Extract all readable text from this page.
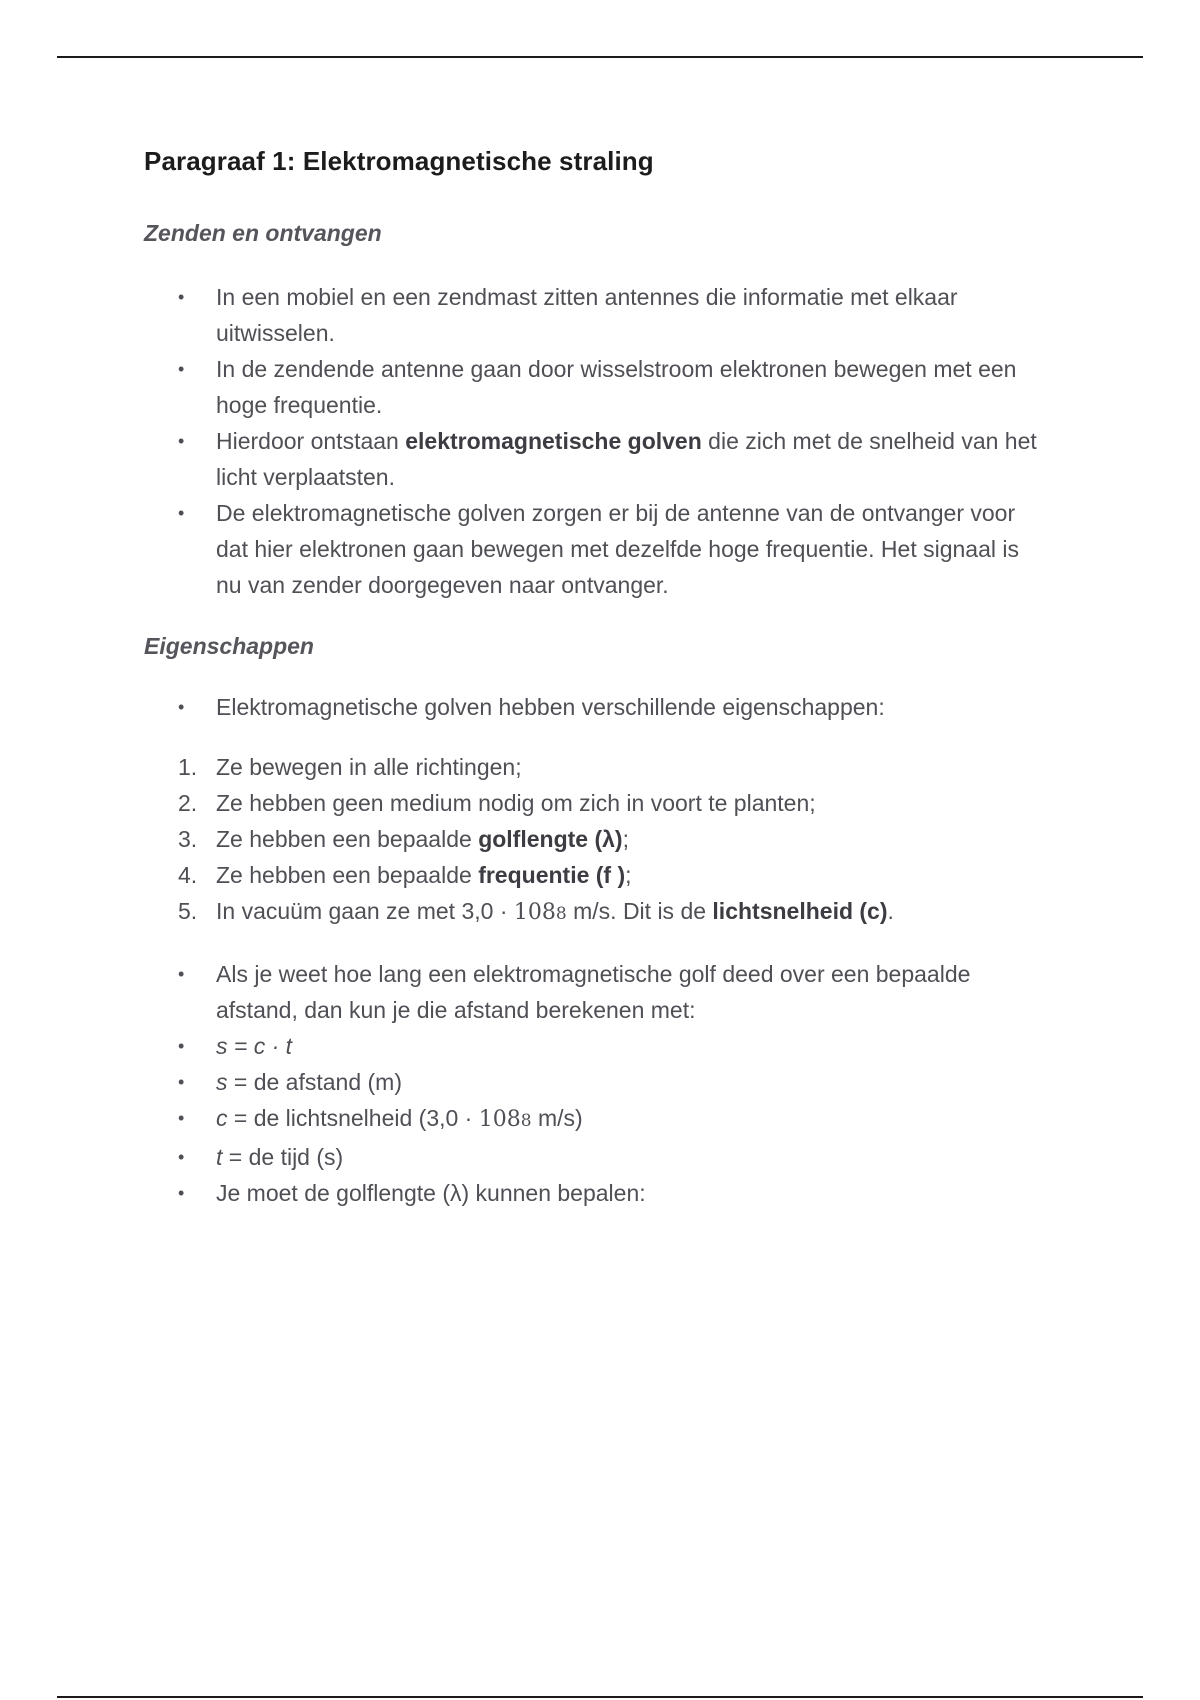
Paragraaf 1: Elektromagnetische straling
Zenden en ontvangen
• In een mobiel en een zendmast zitten antennes die informatie met elkaar uitwisselen.
• In de zendende antenne gaan door wisselstroom elektronen bewegen met een hoge frequentie.
• Hierdoor ontstaan elektromagnetische golven die zich met de snelheid van het licht verplaatsten.
• De elektromagnetische golven zorgen er bij de antenne van de ontvanger voor dat hier elektronen gaan bewegen met dezelfde hoge frequentie. Het signaal is nu van zender doorgegeven naar ontvanger.
Eigenschappen
• Elektromagnetische golven hebben verschillende eigenschappen:
1. Ze bewegen in alle richtingen;
2. Ze hebben geen medium nodig om zich in voort te planten;
3. Ze hebben een bepaalde golflengte (λ);
4. Ze hebben een bepaalde frequentie (f );
5. In vacuüm gaan ze met 3,0 · 1088 m/s. Dit is de lichtsnelheid (c).
• Als je weet hoe lang een elektromagnetische golf deed over een bepaalde afstand, dan kun je die afstand berekenen met:
• s = c · t
• s = de afstand (m)
• c = de lichtsnelheid (3,0 · 1088 m/s)
• t = de tijd (s)
• Je moet de golflengte (λ) kunnen bepalen:
